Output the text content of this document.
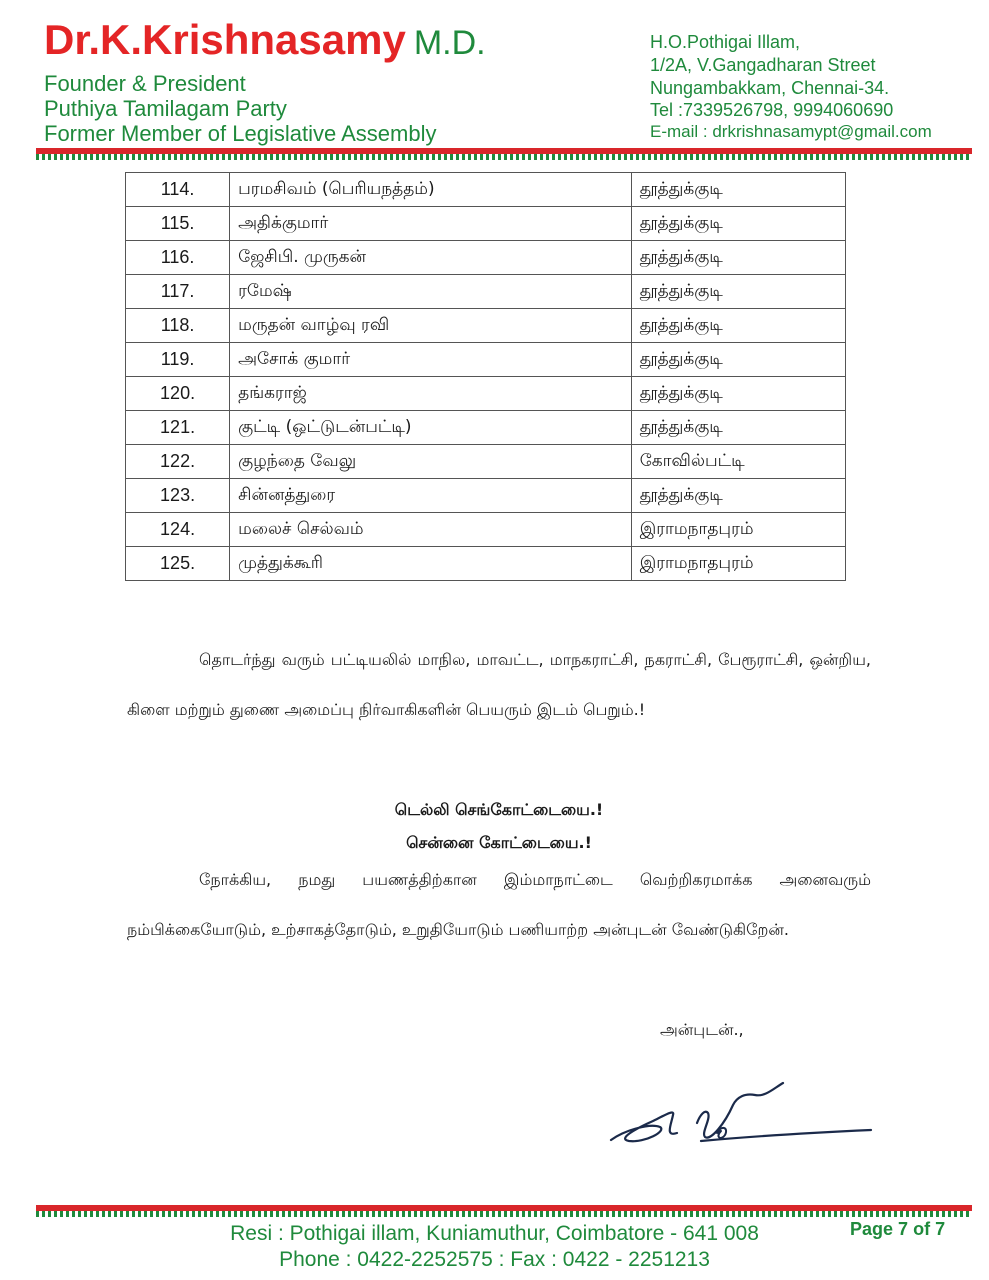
Dr.K.Krishnasamy M.D.

Founder & President

Puthiya Tamilagam Party

Former Member of Legislative Assembly

H.O.Pothigai Illam,

1/2A, V.Gangadharan Street

Nungambakkam, Chennai-34.

Tel :7339526798, 9994060690

E-mail : drkrishnasamypt@gmail.com

114.	பரமசிவம் (பெரியநத்தம்)	தூத்துக்குடி
115.	அதிக்குமார்	தூத்துக்குடி
116.	ஜேசிபி. முருகன்	தூத்துக்குடி
117.	ரமேஷ்	தூத்துக்குடி
118.	மருதன் வாழ்வு ரவி	தூத்துக்குடி
119.	அசோக் குமார்	தூத்துக்குடி
120.	தங்கராஜ்	தூத்துக்குடி
121.	குட்டி (ஒட்டுடன்பட்டி)	தூத்துக்குடி
122.	குழந்தை வேலு	கோவில்பட்டி
123.	சின்னத்துரை	தூத்துக்குடி
124.	மலைச் செல்வம்	இராமநாதபுரம்
125.	முத்துக்கூரி	இராமநாதபுரம்

தொடர்ந்து வரும் பட்டியலில் மாநில, மாவட்ட, மாநகராட்சி, நகராட்சி, பேரூராட்சி, ஒன்றிய, கிளை மற்றும் துணை அமைப்பு நிர்வாகிகளின் பெயரும் இடம் பெறும்.!

டெல்லி செங்கோட்டையை.!

சென்னை கோட்டையை.!

நோக்கிய, நமது பயணத்திற்கான இம்மாநாட்டை வெற்றிகரமாக்க அனைவரும் நம்பிக்கையோடும், உற்சாகத்தோடும், உறுதியோடும் பணியாற்ற அன்புடன் வேண்டுகிறேன்.

அன்புடன்.,

Resi : Pothigai illam, Kuniamuthur, Coimbatore - 641 008

Phone : 0422-2252575 : Fax : 0422 - 2251213

Page 7 of 7
